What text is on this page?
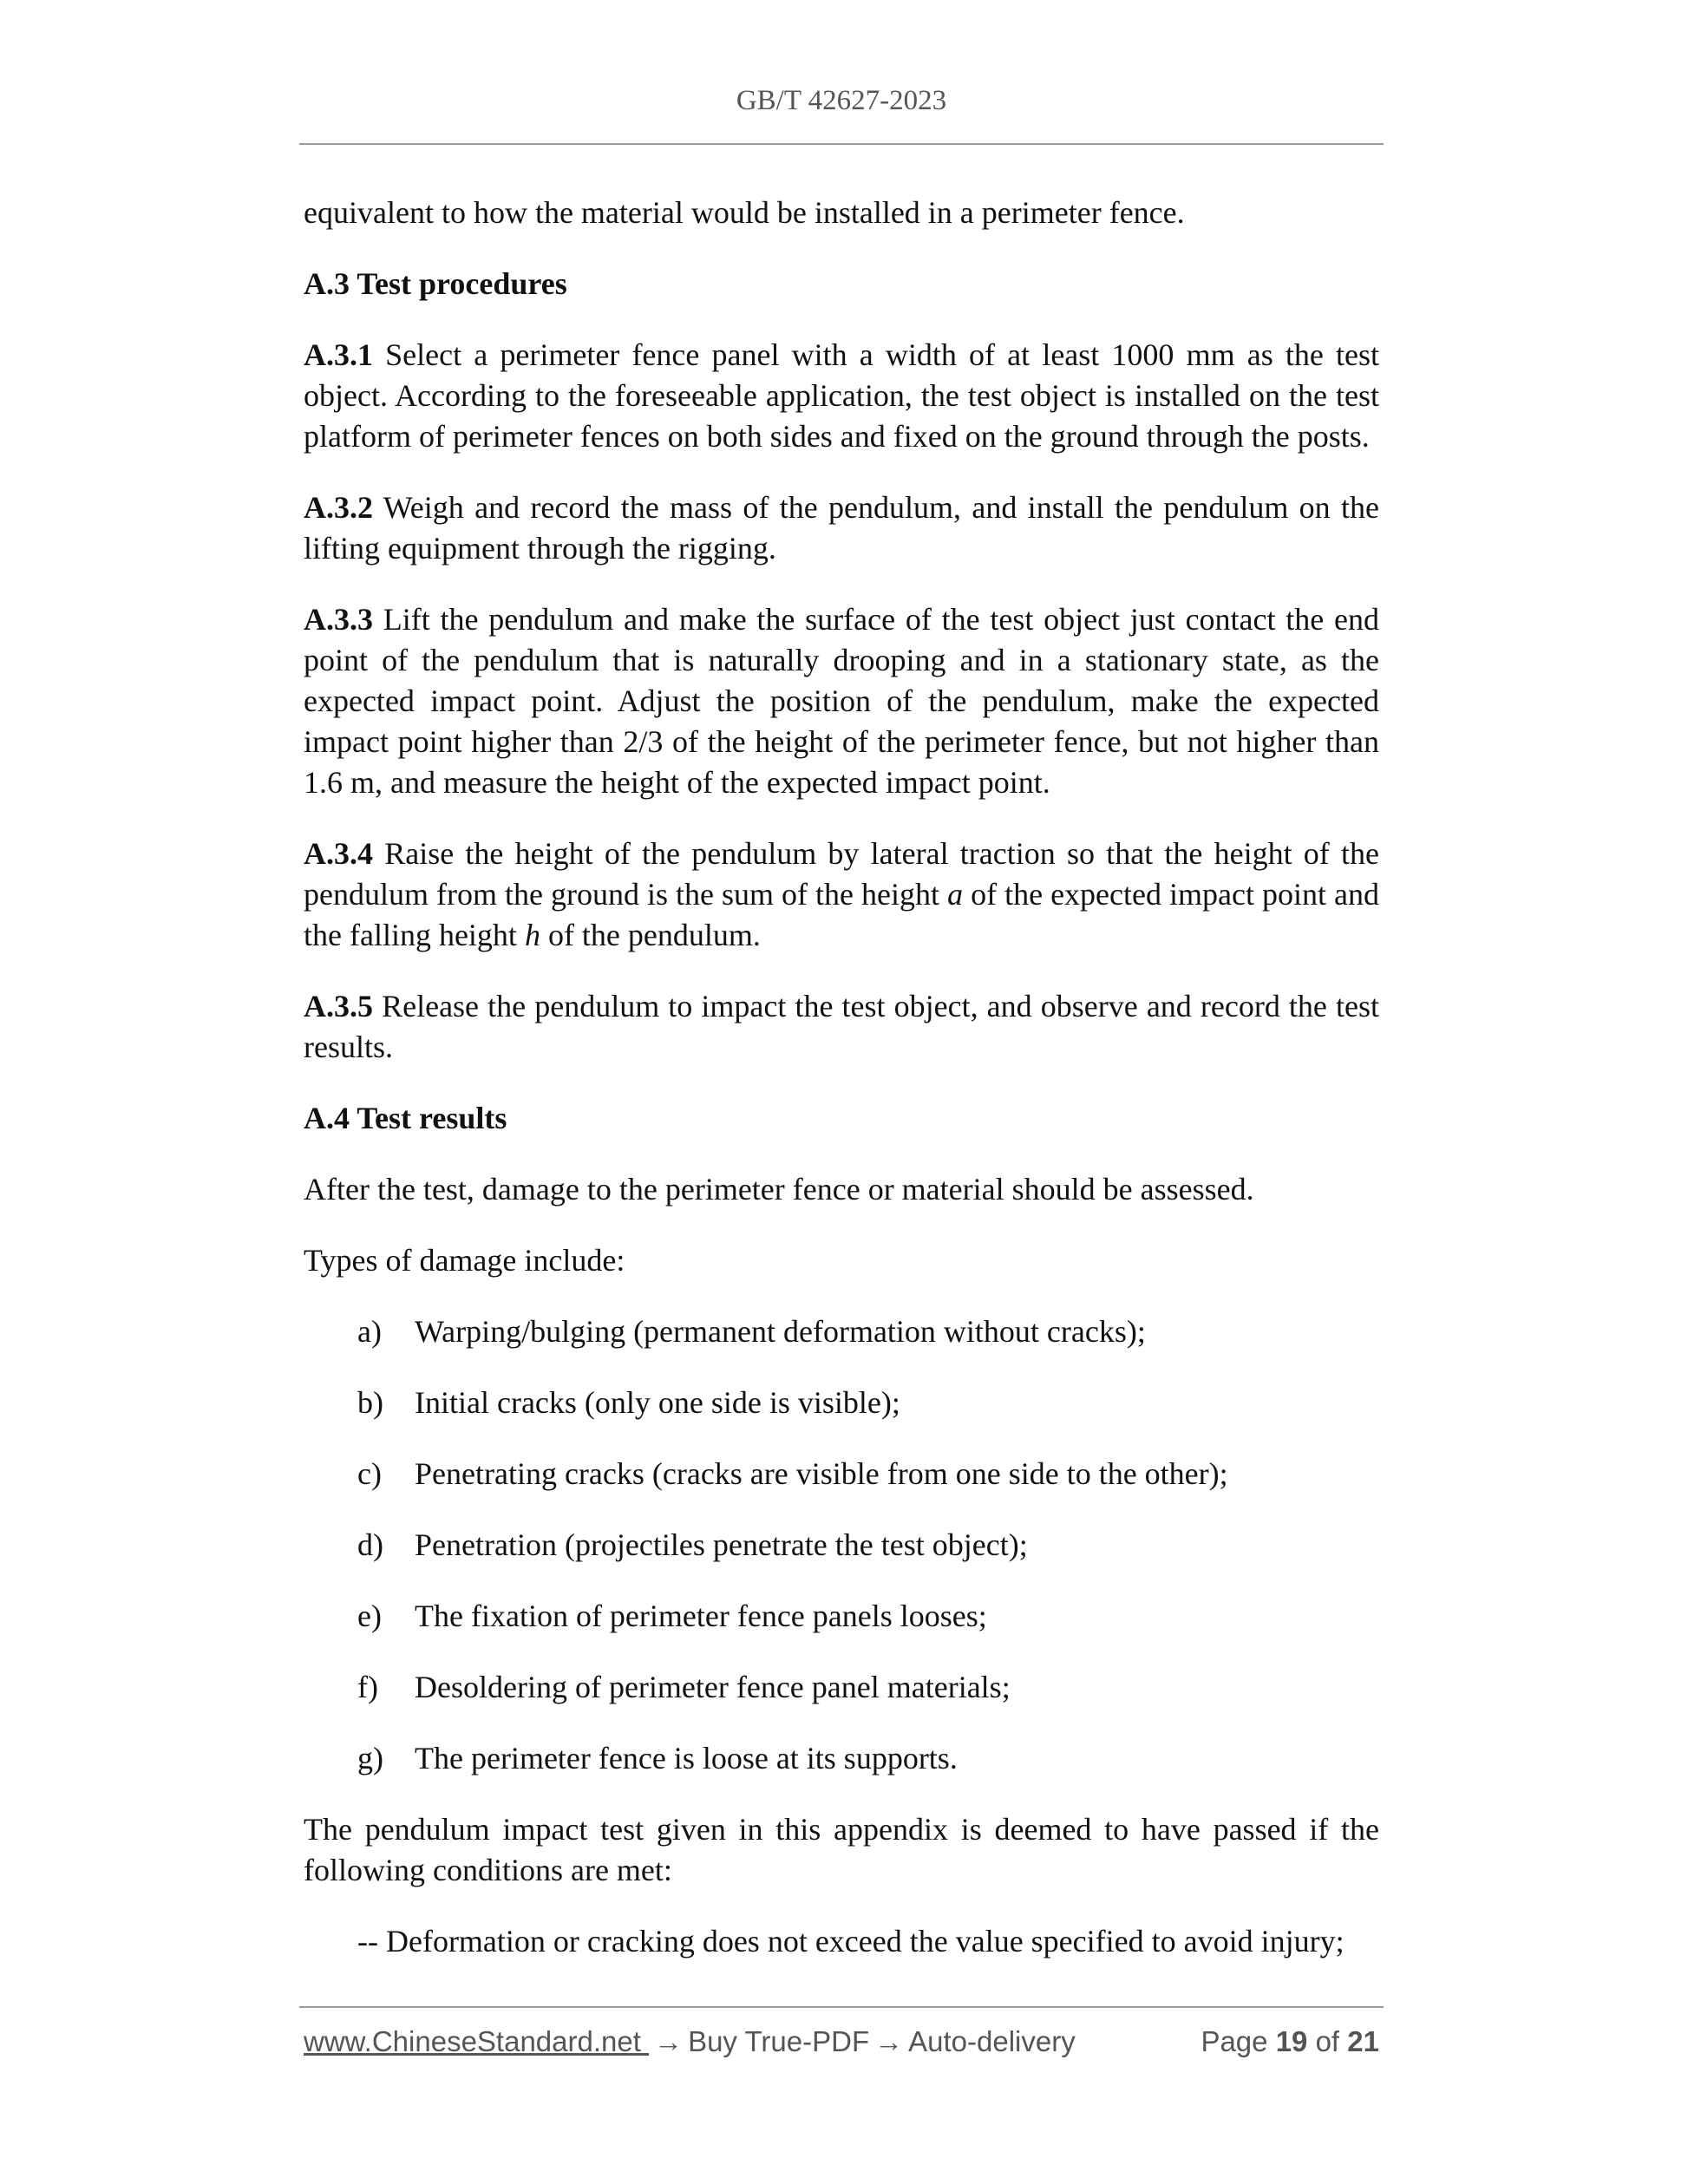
GB/T 42627-2023

equivalent to how the material would be installed in a perimeter fence.

A.3 Test procedures

A.3.1 Select a perimeter fence panel with a width of at least 1000 mm as the test object. According to the foreseeable application, the test object is installed on the test platform of perimeter fences on both sides and fixed on the ground through the posts.

A.3.2 Weigh and record the mass of the pendulum, and install the pendulum on the lifting equipment through the rigging.

A.3.3 Lift the pendulum and make the surface of the test object just contact the end point of the pendulum that is naturally drooping and in a stationary state, as the expected impact point. Adjust the position of the pendulum, make the expected impact point higher than 2/3 of the height of the perimeter fence, but not higher than 1.6 m, and measure the height of the expected impact point.

A.3.4 Raise the height of the pendulum by lateral traction so that the height of the pendulum from the ground is the sum of the height a of the expected impact point and the falling height h of the pendulum.

A.3.5 Release the pendulum to impact the test object, and observe and record the test results.

A.4 Test results

After the test, damage to the perimeter fence or material should be assessed.

Types of damage include:

a)	Warping/bulging (permanent deformation without cracks);
b)	Initial cracks (only one side is visible);
c)	Penetrating cracks (cracks are visible from one side to the other);
d)	Penetration (projectiles penetrate the test object);
e)	The fixation of perimeter fence panels looses;
f)	Desoldering of perimeter fence panel materials;
g)	The perimeter fence is loose at its supports.

The pendulum impact test given in this appendix is deemed to have passed if the following conditions are met:

-- Deformation or cracking does not exceed the value specified to avoid injury;

www.ChineseStandard.net → Buy True-PDF → Auto-delivery	Page 19 of 21
